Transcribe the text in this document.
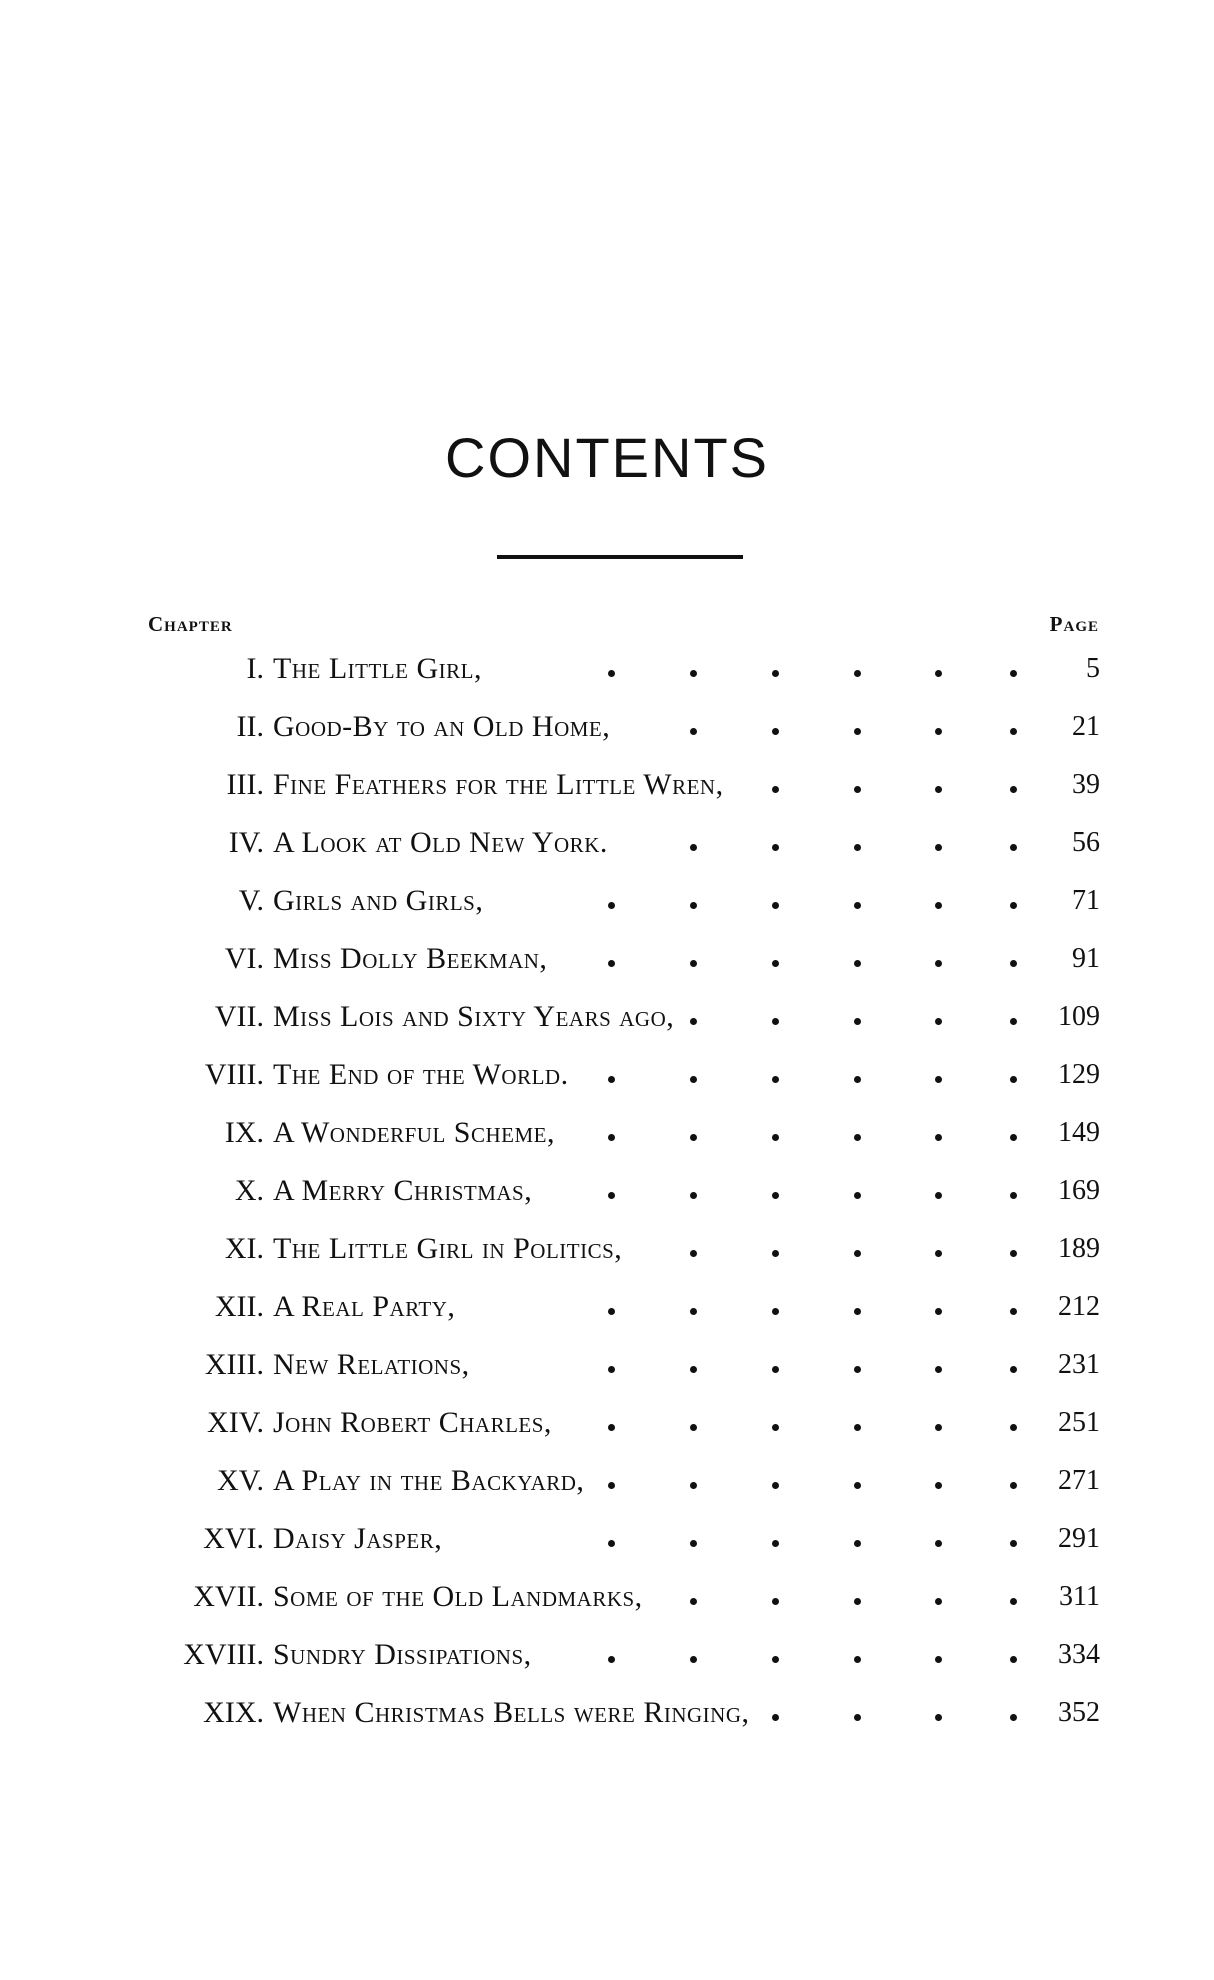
CONTENTS
Chapter	Page
I. The Little Girl,	5
II. Good-By to an Old Home,	21
III. Fine Feathers for the Little Wren,	39
IV. A Look at Old New York.	56
V. Girls and Girls,	71
VI. Miss Dolly Beekman,	91
VII. Miss Lois and Sixty Years ago,	109
VIII. The End of the World.	129
IX. A Wonderful Scheme,	149
X. A Merry Christmas,	169
XI. The Little Girl in Politics,	189
XII. A Real Party,	212
XIII. New Relations,	231
XIV. John Robert Charles,	251
XV. A Play in the Backyard,	271
XVI. Daisy Jasper,	291
XVII. Some of the Old Landmarks,	311
XVIII. Sundry Dissipations,	334
XIX. When Christmas Bells were Ringing,	352
